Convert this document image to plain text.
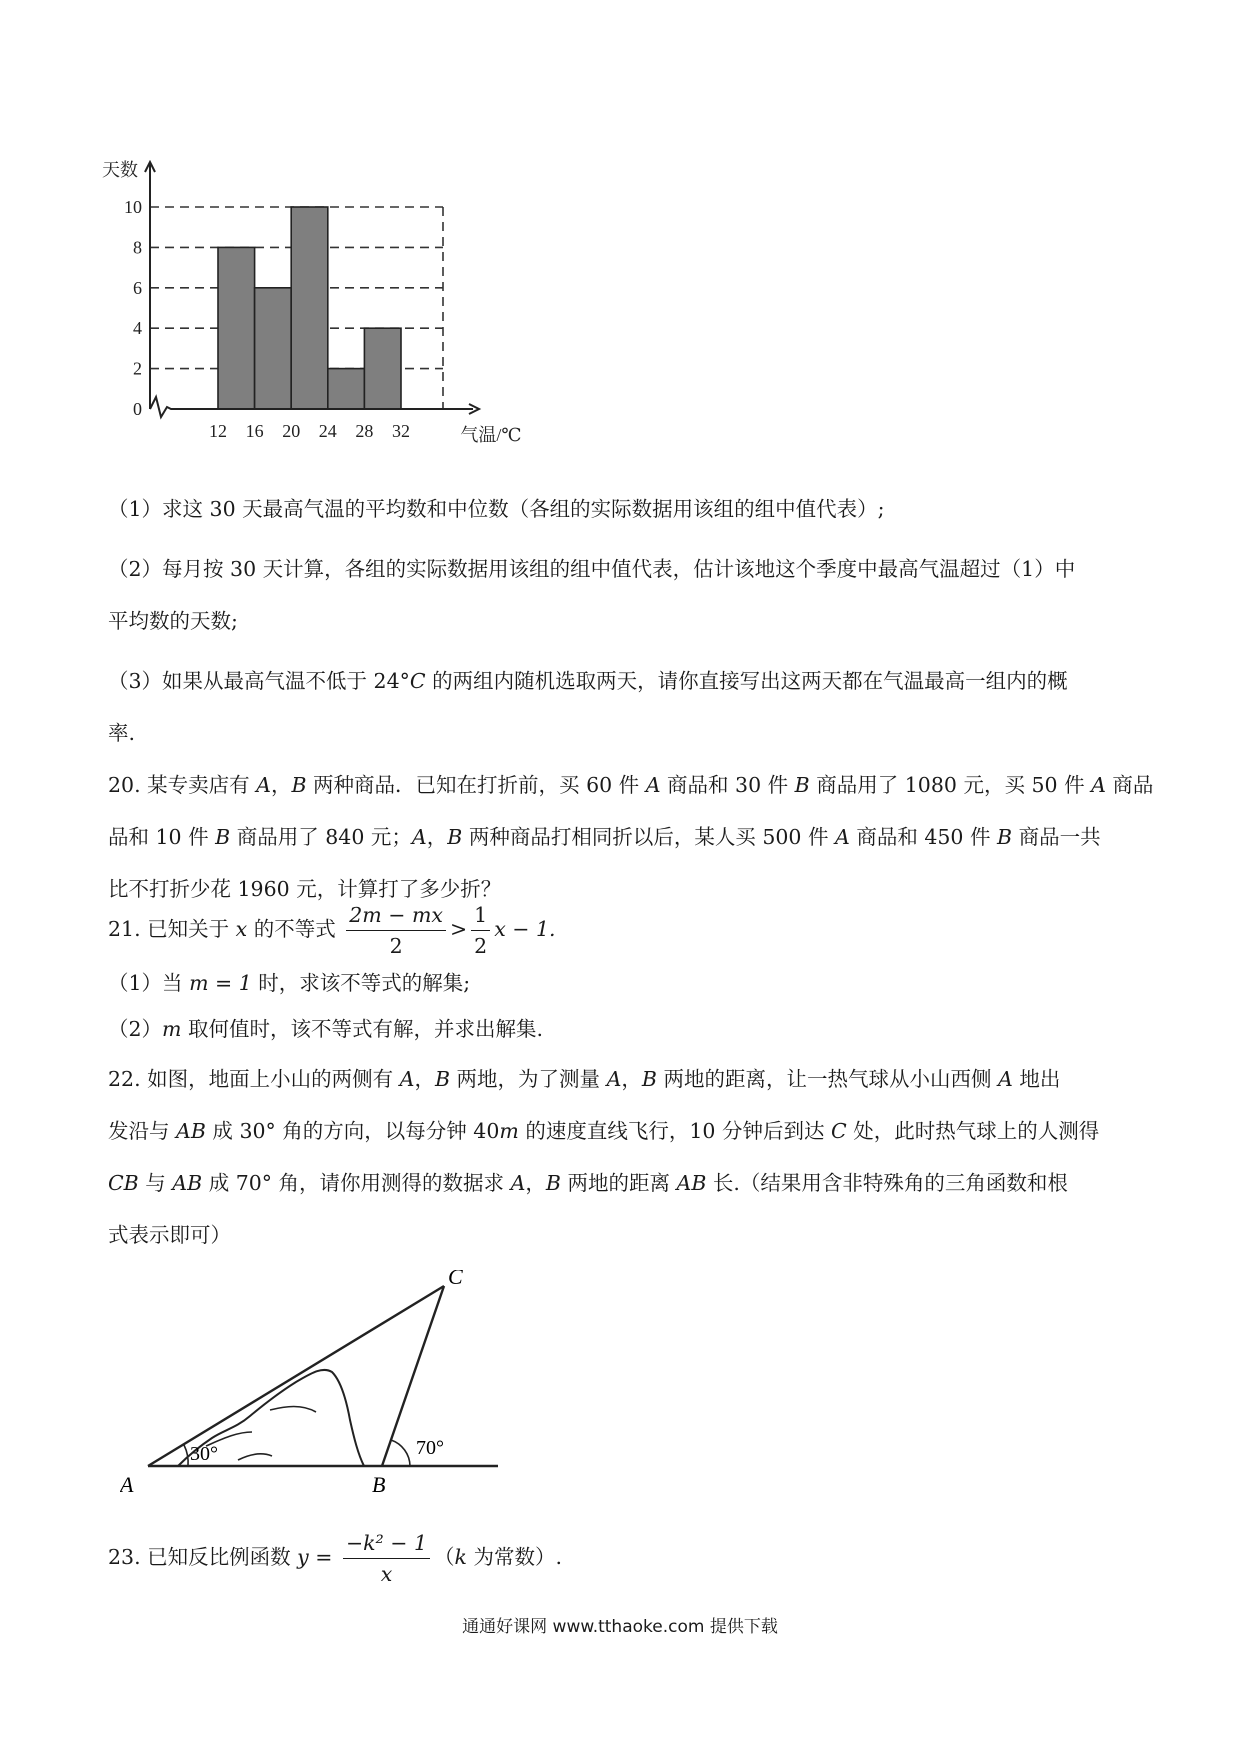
0
2
4
6
8
10
12 16 20 24 28 32
天数
气温/℃
（1）求这 30 天最高气温的平均数和中位数（各组的实际数据用该组的组中值代表）;
（2）每月按 30 天计算，各组的实际数据用该组的组中值代表，估计该地这个季度中最高气温超过（1）中
平均数的天数;
（3）如果从最高气温不低于 24°C 的两组内随机选取两天，请你直接写出这两天都在气温最高一组内的概
率.
20. 某专卖店有 A，B 两种商品．已知在打折前，买 60 件 A 商品和 30 件 B 商品用了 1080 元，买 50 件 A 商品
品和 10 件 B 商品用了 840 元；A，B 两种商品打相同折以后，某人买 500 件 A 商品和 450 件 B 商品一共
比不打折少花 1960 元，计算打了多少折？
21. 已知关于 x 的不等式 $\frac{2m - mx}{2} > \frac{1}{2}$ x − 1.
（1）当 m = 1 时，求该不等式的解集;
（2）m 取何值时，该不等式有解，并求出解集.
22. 如图，地面上小山的两侧有 A，B 两地，为了测量 A，B 两地的距离，让一热气球从小山西侧 A 地出
发沿与 AB 成 30° 角的方向，以每分钟 40m 的速度直线飞行，10 分钟后到达 C 处，此时热气球上的人测得
CB 与 AB 成 70° 角，请你用测得的数据求 A，B 两地的距离 AB 长.（结果用含非特殊角的三角函数和根
式表示即可）
30°	70°
A	B
C
23. 已知反比例函数 $y = \frac{\text{−k² − 1}}{x} (k$ 为常数）.
通通好课网 www.tthaoke.com 提供下载
